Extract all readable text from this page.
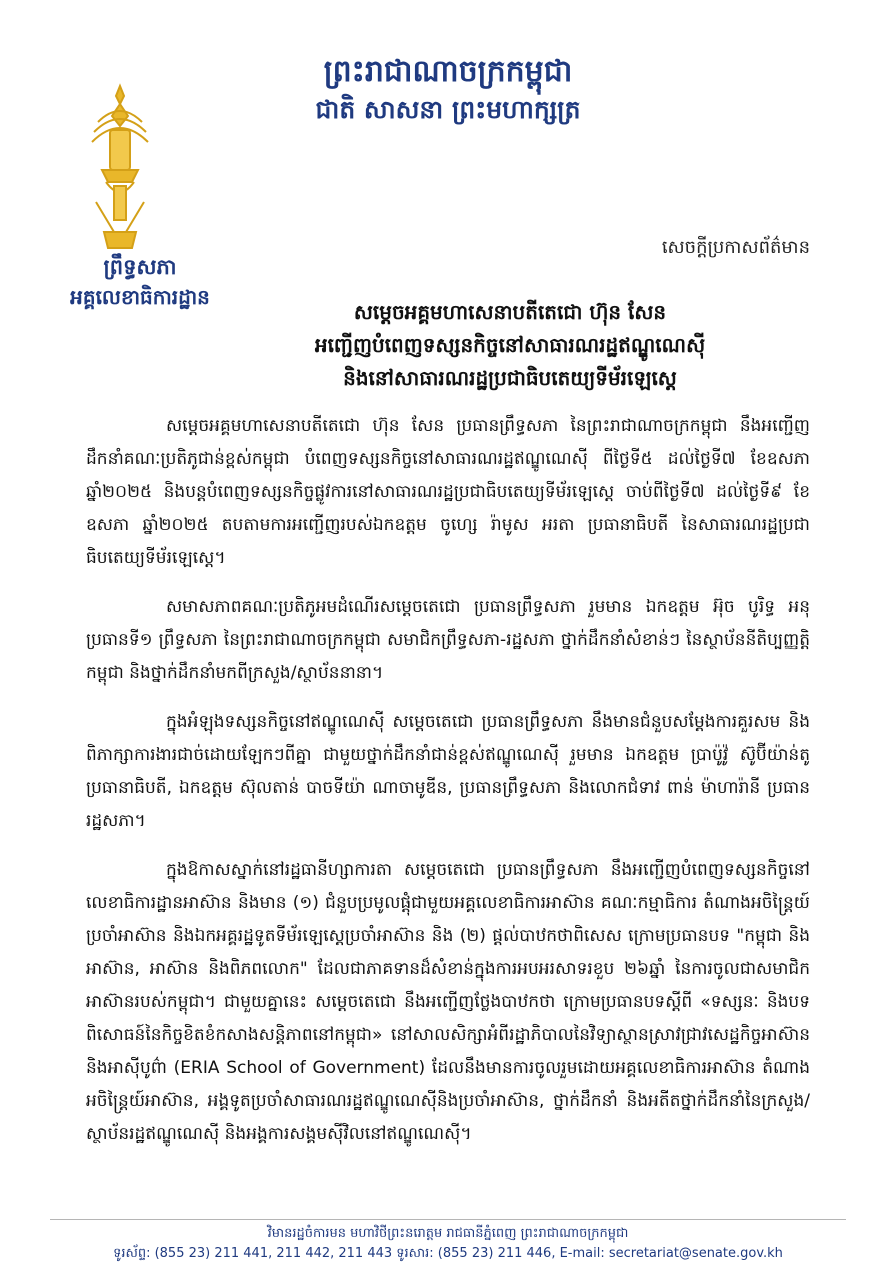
ព្រឹទ្ធសភា
អគ្គលេខាធិការដ្ឋាន
ព្រះរាជាណាចក្រកម្ពុជា
ជាតិ សាសនា ព្រះមហាក្សត្រ
សេចក្ដីប្រកាសព័ត៌មាន
សម្ដេចអគ្គមហាសេនាបតីតេជោ ហ៊ុន សែន
អញ្ជើញបំពេញទស្សនកិច្ចនៅសាធារណរដ្ឋឥណ្ឌូណេស៊ី
និងនៅសាធារណរដ្ឋប្រជាធិបតេយ្យទីម័រឡេស្ដេ

សម្ដេចអគ្គមហាសេនាបតីតេជោ ហ៊ុន សែន ប្រធានព្រឹទ្ធសភា នៃព្រះរាជាណាចក្រកម្ពុជា នឹងអញ្ជើញដឹកនាំគណៈប្រតិភូជាន់ខ្ពស់កម្ពុជា បំពេញទស្សនកិច្ចនៅសាធារណរដ្ឋឥណ្ឌូណេស៊ី ពីថ្ងៃទី៥ ដល់ថ្ងៃទី៧ ខែឧសភា ឆ្នាំ២០២៥ និងបន្តបំពេញទស្សនកិច្ចផ្លូវការនៅសាធារណរដ្ឋប្រជាធិបតេយ្យទីម័រឡេស្ដេ ចាប់ពីថ្ងៃទី៧ ដល់ថ្ងៃទី៩ ខែឧសភា ឆ្នាំ២០២៥ តបតាមការអញ្ជើញរបស់ឯកឧត្តម ចូហ្សេ រ៉ាមូស អរតា ប្រធានាធិបតី នៃសាធារណរដ្ឋប្រជាធិបតេយ្យទីម័រឡេស្ដេ។

សមាសភាពគណៈប្រតិភូអមដំណើរសម្ដេចតេជោ ប្រធានព្រឹទ្ធសភា រួមមាន ឯកឧត្តម អ៊ុច បូរិទ្ធ អនុប្រធានទី១ ព្រឹទ្ធសភា នៃព្រះរាជាណាចក្រកម្ពុជា សមាជិកព្រឹទ្ធសភា-រដ្ឋសភា ថ្នាក់ដឹកនាំសំខាន់ៗ នៃស្ថាប័ននីតិប្បញ្ញត្តិកម្ពុជា និងថ្នាក់ដឹកនាំមកពីក្រសួង/ស្ថាប័ននានា។

ក្នុងអំឡុងទស្សនកិច្ចនៅឥណ្ឌូណេស៊ី សម្ដេចតេជោ ប្រធានព្រឹទ្ធសភា នឹងមានជំនួបសម្ដែងការគួរសម និងពិភាក្សាការងារជាច់ដោយឡែកៗពីគ្នា ជាមួយថ្នាក់ដឹកនាំជាន់ខ្ពស់ឥណ្ឌូណេស៊ី រួមមាន ឯកឧត្តម ប្រាប៉ូវ៉ូ ស៊ូប៊ីយ៉ាន់តូ ប្រធានាធិបតី, ឯកឧត្តម ស៊ុលតាន់ បាចទីយ៉ា ណាចាមូឌីន, ប្រធានព្រឹទ្ធសភា និងលោកជំទាវ ពាន់ ម៉ាហារ៉ានី ប្រធានរដ្ឋសភា។

ក្នុងឱកាសស្នាក់នៅរដ្ឋធានីហ្សាការតា សម្ដេចតេជោ ប្រធានព្រឹទ្ធសភា នឹងអញ្ជើញបំពេញទស្សនកិច្ចនៅលេខាធិការដ្ឋានអាស៊ាន និងមាន (១) ជំនួបប្រមូលផ្ដុំជាមួយអគ្គលេខាធិការអាស៊ាន គណៈកម្មាធិការ តំណាងអចិន្ត្រៃយ៍ប្រចាំអាស៊ាន និងឯកអគ្គរដ្ឋទូតទីម័រឡេស្ដេប្រចាំអាស៊ាន និង (២) ផ្ដល់បាឋកថាពិសេស ក្រោមប្រធានបទ "កម្ពុជា និងអាស៊ាន, អាស៊ាន និងពិភពលោក" ដែលជាភាគទានដ៏សំខាន់ក្នុងការអបអរសាទរខួប ២៦ឆ្នាំ នៃការចូលជាសមាជិកអាស៊ានរបស់កម្ពុជា។ ជាមួយគ្នានេះ សម្ដេចតេជោ នឹងអញ្ជើញថ្លែងបាឋកថា ក្រោមប្រធានបទស្ដីពី «ទស្សនៈ និងបទពិសោធន៍នៃកិច្ចខិតខំកសាងសន្តិភាពនៅកម្ពុជា» នៅសាលសិក្សាអំពីរដ្ឋាភិបាលនៃវិទ្យាស្ថានស្រាវជ្រាវសេដ្ឋកិច្ចអាស៊ាន និងអាស៊ីបូព៌ា (ERIA School of Government) ដែលនឹងមានការចូលរួមដោយអគ្គលេខាធិការអាស៊ាន តំណាងអចិន្ត្រៃយ៍អាស៊ាន, អង្គទូតប្រចាំសាធារណរដ្ឋឥណ្ឌូណេស៊ីនិងប្រចាំអាស៊ាន, ថ្នាក់ដឹកនាំ និងអតីតថ្នាក់ដឹកនាំនៃក្រសួង/ស្ថាប័នរដ្ឋឥណ្ឌូណេស៊ី និងអង្គការសង្គមស៊ីវិលនៅឥណ្ឌូណេស៊ី។

វិមានរដ្ឋចំការមន មហាវិថីព្រះនរោត្តម រាជធានីភ្នំពេញ ព្រះរាជាណាចក្រកម្ពុជា
ទូរស័ព្ទ: (855 23) 211 441, 211 442, 211 443 ទូរសារ: (855 23) 211 446, E-mail: secretariat@senate.gov.kh
